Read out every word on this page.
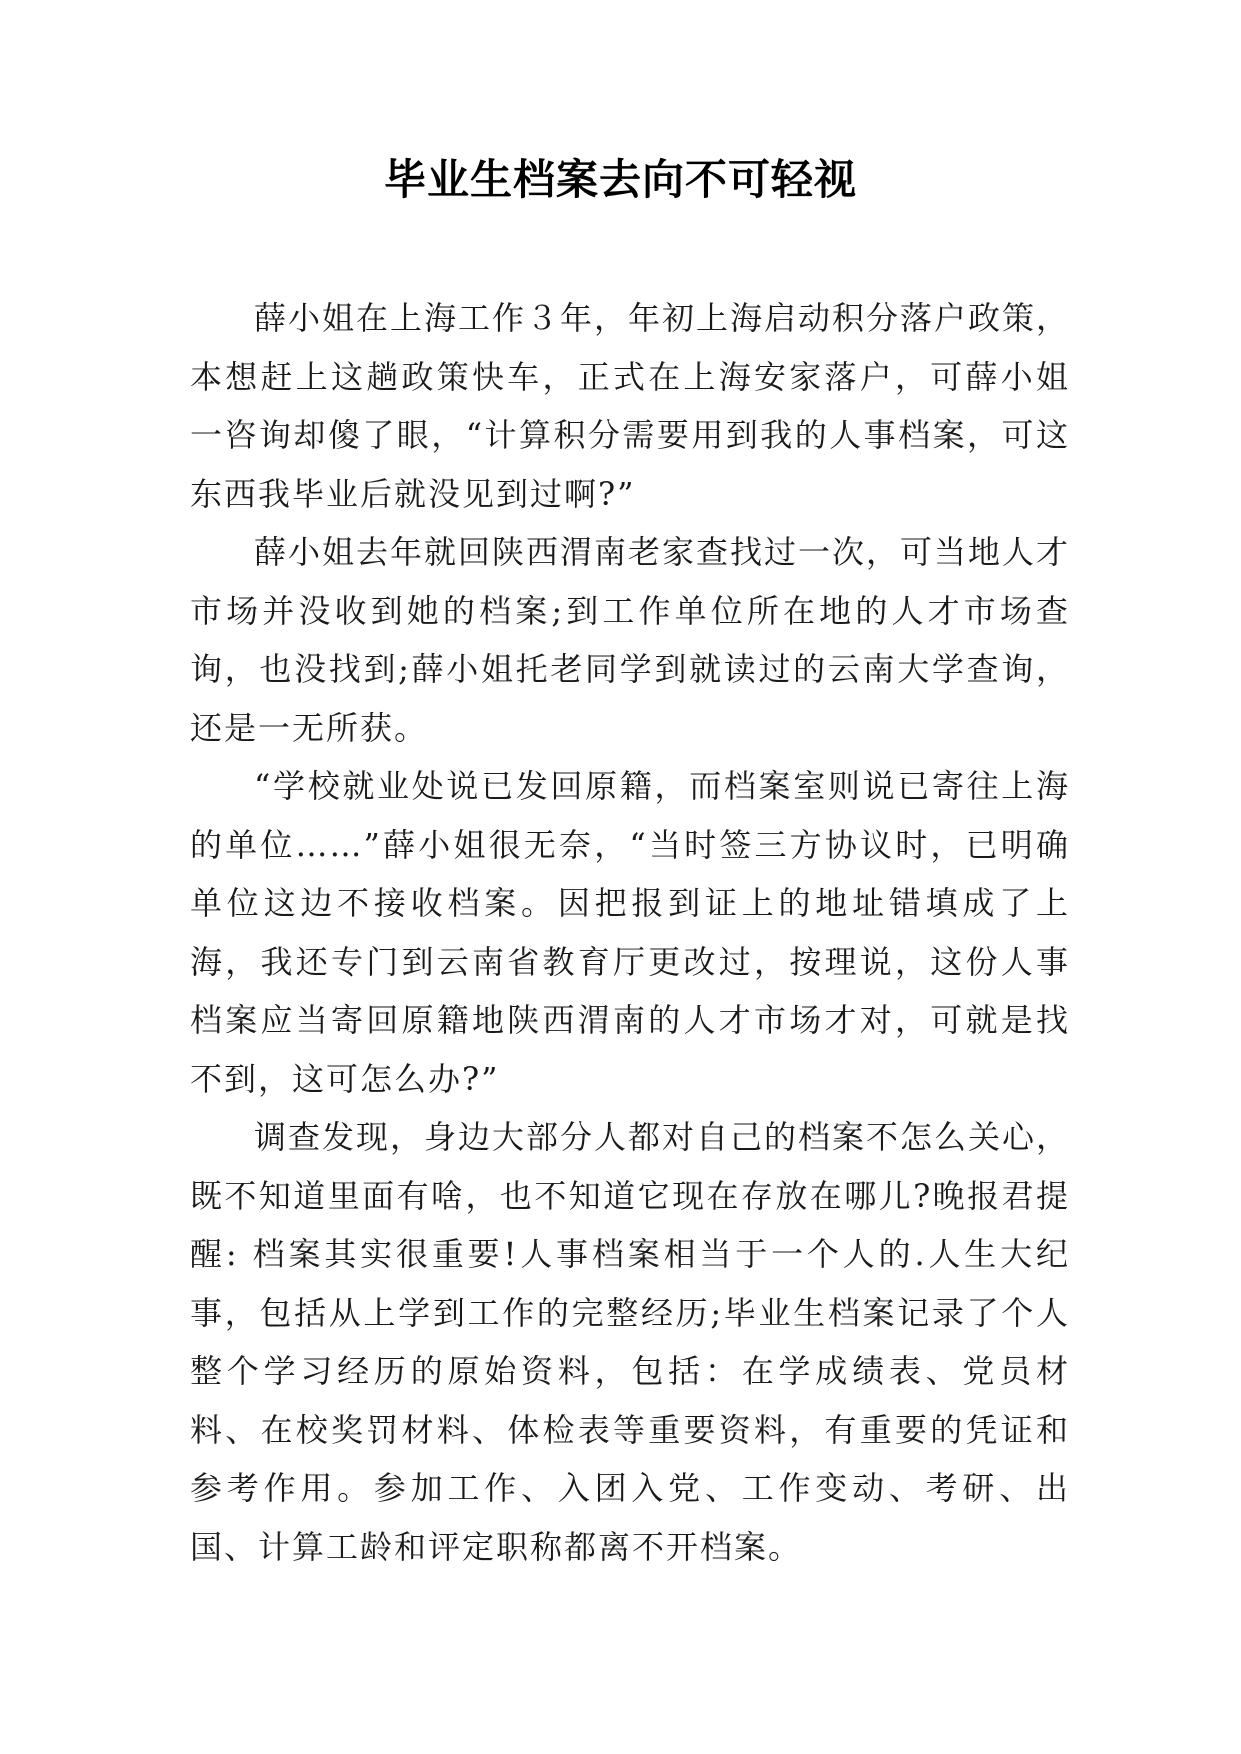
毕业生档案去向不可轻视

薛小姐在上海工作３年，年初上海启动积分落户政策，本想赶上这趟政策快车，正式在上海安家落户，可薛小姐一咨询却傻了眼，“计算积分需要用到我的人事档案，可这东西我毕业后就没见到过啊?”

薛小姐去年就回陕西渭南老家查找过一次，可当地人才市场并没收到她的档案;到工作单位所在地的人才市场查询，也没找到;薛小姐托老同学到就读过的云南大学查询，还是一无所获。

“学校就业处说已发回原籍，而档案室则说已寄往上海的单位……”薛小姐很无奈，“当时签三方协议时，已明确单位这边不接收档案。因把报到证上的地址错填成了上海，我还专门到云南省教育厅更改过，按理说，这份人事档案应当寄回原籍地陕西渭南的人才市场才对，可就是找不到，这可怎么办?”

调查发现，身边大部分人都对自己的档案不怎么关心，既不知道里面有啥，也不知道它现在存放在哪儿?晚报君提醒: 档案其实很重要!人事档案相当于一个人的.人生大纪事，包括从上学到工作的完整经历;毕业生档案记录了个人整个学习经历的原始资料，包括：在学成绩表、党员材料、在校奖罚材料、体检表等重要资料，有重要的凭证和参考作用。参加工作、入团入党、工作变动、考研、出国、计算工龄和评定职称都离不开档案。
